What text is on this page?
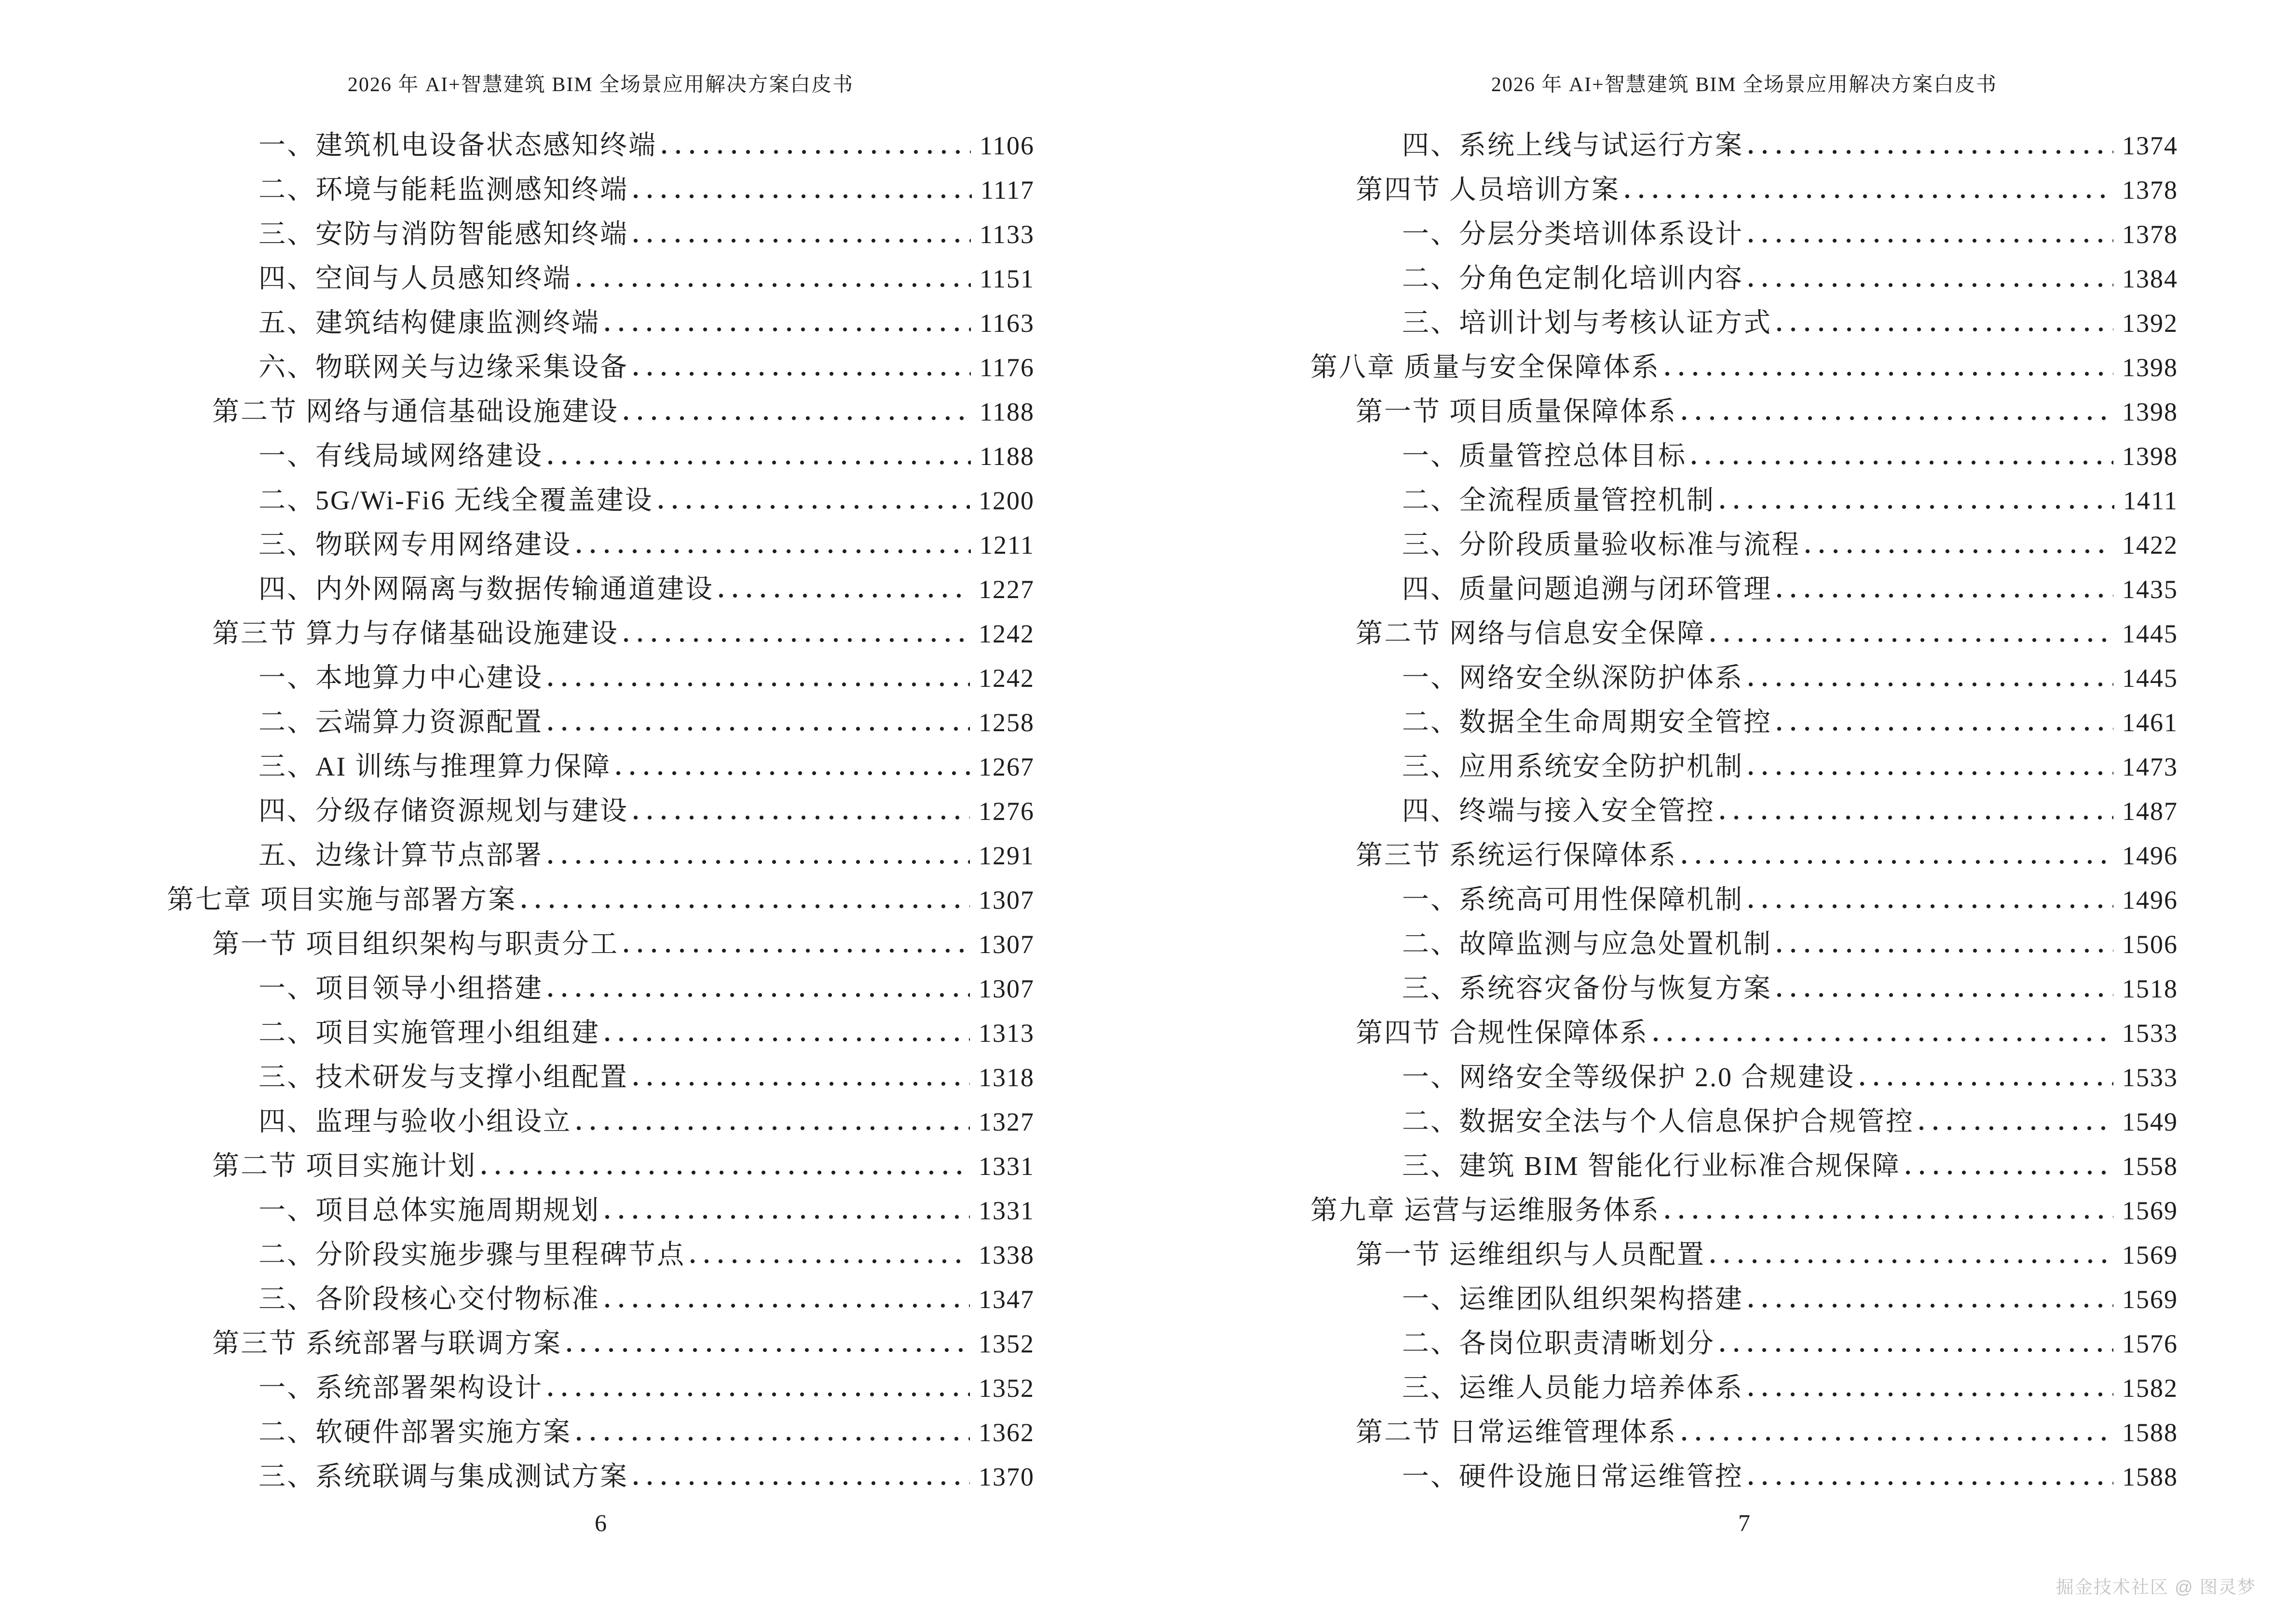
2026 年 AI+智慧建筑 BIM 全场景应用解决方案白皮书
一、建筑机电设备状态感知终端	1106
二、环境与能耗监测感知终端	1117
三、安防与消防智能感知终端	1133
四、空间与人员感知终端	1151
五、建筑结构健康监测终端	1163
六、物联网关与边缘采集设备	1176
第二节 网络与通信基础设施建设	1188
一、有线局域网络建设	1188
二、5G/Wi-Fi6 无线全覆盖建设	1200
三、物联网专用网络建设	1211
四、内外网隔离与数据传输通道建设	1227
第三节 算力与存储基础设施建设	1242
一、本地算力中心建设	1242
二、云端算力资源配置	1258
三、AI 训练与推理算力保障	1267
四、分级存储资源规划与建设	1276
五、边缘计算节点部署	1291
第七章 项目实施与部署方案	1307
第一节 项目组织架构与职责分工	1307
一、项目领导小组搭建	1307
二、项目实施管理小组组建	1313
三、技术研发与支撑小组配置	1318
四、监理与验收小组设立	1327
第二节 项目实施计划	1331
一、项目总体实施周期规划	1331
二、分阶段实施步骤与里程碑节点	1338
三、各阶段核心交付物标准	1347
第三节 系统部署与联调方案	1352
一、系统部署架构设计	1352
二、软硬件部署实施方案	1362
三、系统联调与集成测试方案	1370
6
2026 年 AI+智慧建筑 BIM 全场景应用解决方案白皮书
四、系统上线与试运行方案	1374
第四节 人员培训方案	1378
一、分层分类培训体系设计	1378
二、分角色定制化培训内容	1384
三、培训计划与考核认证方式	1392
第八章 质量与安全保障体系	1398
第一节 项目质量保障体系	1398
一、质量管控总体目标	1398
二、全流程质量管控机制	1411
三、分阶段质量验收标准与流程	1422
四、质量问题追溯与闭环管理	1435
第二节 网络与信息安全保障	1445
一、网络安全纵深防护体系	1445
二、数据全生命周期安全管控	1461
三、应用系统安全防护机制	1473
四、终端与接入安全管控	1487
第三节 系统运行保障体系	1496
一、系统高可用性保障机制	1496
二、故障监测与应急处置机制	1506
三、系统容灾备份与恢复方案	1518
第四节 合规性保障体系	1533
一、网络安全等级保护 2.0 合规建设	1533
二、数据安全法与个人信息保护合规管控	1549
三、建筑 BIM 智能化行业标准合规保障	1558
第九章 运营与运维服务体系	1569
第一节 运维组织与人员配置	1569
一、运维团队组织架构搭建	1569
二、各岗位职责清晰划分	1576
三、运维人员能力培养体系	1582
第二节 日常运维管理体系	1588
一、硬件设施日常运维管控	1588
7
掘金技术社区 @ 图灵梦
